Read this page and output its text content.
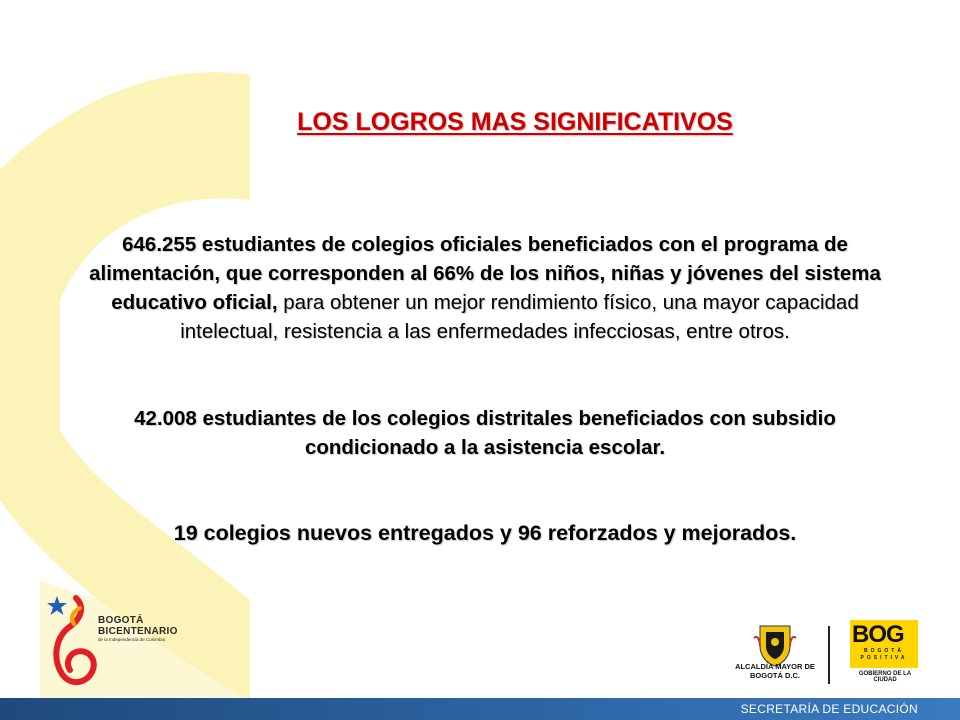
LOS LOGROS MAS SIGNIFICATIVOS
646.255 estudiantes de colegios oficiales beneficiados con el programa de alimentación, que corresponden al 66% de los niños, niñas y jóvenes del sistema educativo oficial, para obtener un mejor rendimiento físico, una mayor capacidad intelectual, resistencia a las enfermedades infecciosas, entre otros.
42.008 estudiantes de los colegios distritales beneficiados con subsidio condicionado a la asistencia escolar.
19 colegios nuevos entregados y 96 reforzados y mejorados.
BOGOTÁ
BICENTENARIO
de la Independencia de Colombia
ALCALDÍA MAYOR DE BOGOTÁ D.C.
BOG
BOGOTÁ POSITIVA
GOBIERNO DE LA CIUDAD
SECRETARÍA DE EDUCACIÓN
